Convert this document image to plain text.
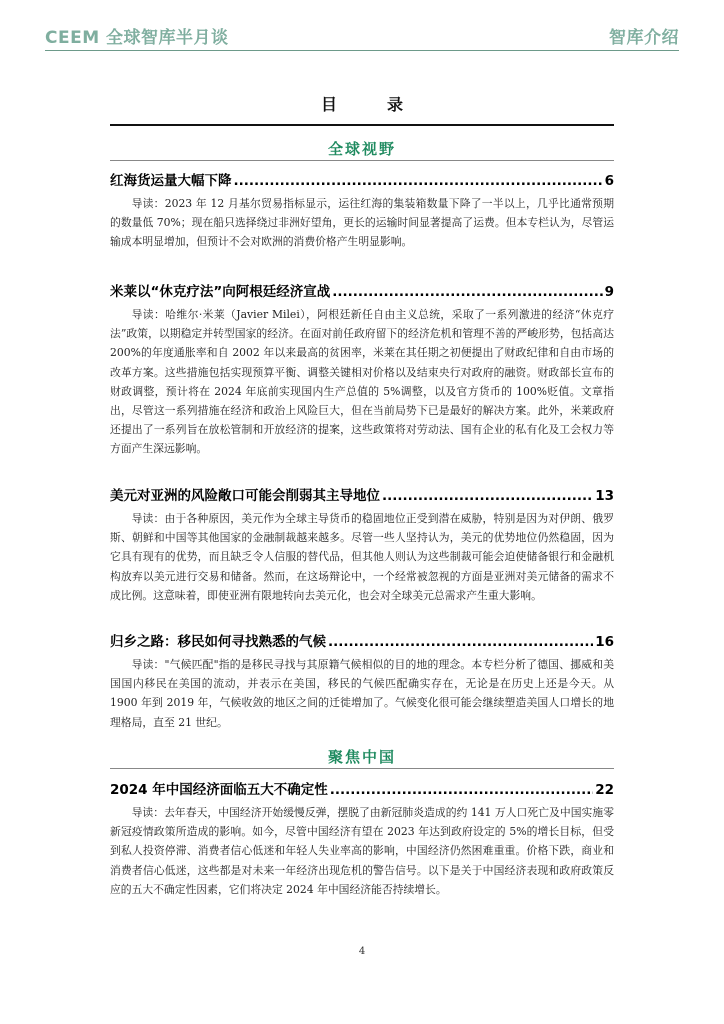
CEEM 全球智库半月谈	智库介绍
目录
全球视野
红海货运量大幅下降 .....	6

导读：2023 年 12 月基尔贸易指标显示，运往红海的集装箱数量下降了一半以上，几乎比通常预期的数量低 70%；现在船只选择绕过非洲好望角，更长的运输时间显著提高了运费。但本专栏认为，尽管运输成本明显增加，但预计不会对欧洲的消费价格产生明显影响。

米莱以“休克疗法”向阿根廷经济宣战 .....	9

导读：哈维尔·米莱（Javier Milei），阿根廷新任自由主义总统，采取了一系列激进的经济“休克疗法”政策，以期稳定并转型国家的经济。在面对前任政府留下的经济危机和管理不善的严峻形势，包括高达 200%的年度通胀率和自 2002 年以来最高的贫困率，米莱在其任期之初便提出了财政纪律和自由市场的改革方案。这些措施包括实现预算平衡、调整关键相对价格以及结束央行对政府的融资。财政部长宣布的财政调整，预计将在 2024 年底前实现国内生产总值的 5%调整，以及官方货币的 100%贬值。文章指出，尽管这一系列措施在经济和政治上风险巨大，但在当前局势下已是最好的解决方案。此外，米莱政府还提出了一系列旨在放松管制和开放经济的提案，这些政策将对劳动法、国有企业的私有化及工会权力等方面产生深远影响。

美元对亚洲的风险敞口可能会削弱其主导地位 .....	13

导读：由于各种原因，美元作为全球主导货币的稳固地位正受到潜在威胁，特别是因为对伊朗、俄罗斯、朝鲜和中国等其他国家的金融制裁越来越多。尽管一些人坚持认为，美元的优势地位仍然稳固，因为它具有现有的优势，而且缺乏令人信服的替代品，但其他人则认为这些制裁可能会迫使储备银行和金融机构放弃以美元进行交易和储备。然而，在这场辩论中，一个经常被忽视的方面是亚洲对美元储备的需求不成比例。这意味着，即使亚洲有限地转向去美元化，也会对全球美元总需求产生重大影响。

归乡之路：移民如何寻找熟悉的气候 .....	16

导读："气候匹配"指的是移民寻找与其原籍气候相似的目的地的理念。本专栏分析了德国、挪威和美国国内移民在美国的流动，并表示在美国，移民的气候匹配确实存在，无论是在历史上还是今天。从 1900 年到 2019 年，气候收敛的地区之间的迁徙增加了。气候变化很可能会继续塑造美国人口增长的地理格局，直至 21 世纪。

聚焦中国
2024 年中国经济面临五大不确定性 .....	22

导读：去年春天，中国经济开始缓慢反弹，摆脱了由新冠肺炎造成的约 141 万人口死亡及中国实施零新冠疫情政策所造成的影响。如今，尽管中国经济有望在 2023 年达到政府设定的 5%的增长目标，但受到私人投资停滞、消费者信心低迷和年轻人失业率高的影响，中国经济仍然困难重重。价格下跌，商业和消费者信心低迷，这些都是对未来一年经济出现危机的警告信号。以下是关于中国经济表现和政府政策反应的五大不确定性因素，它们将决定 2024 年中国经济能否持续增长。

4
